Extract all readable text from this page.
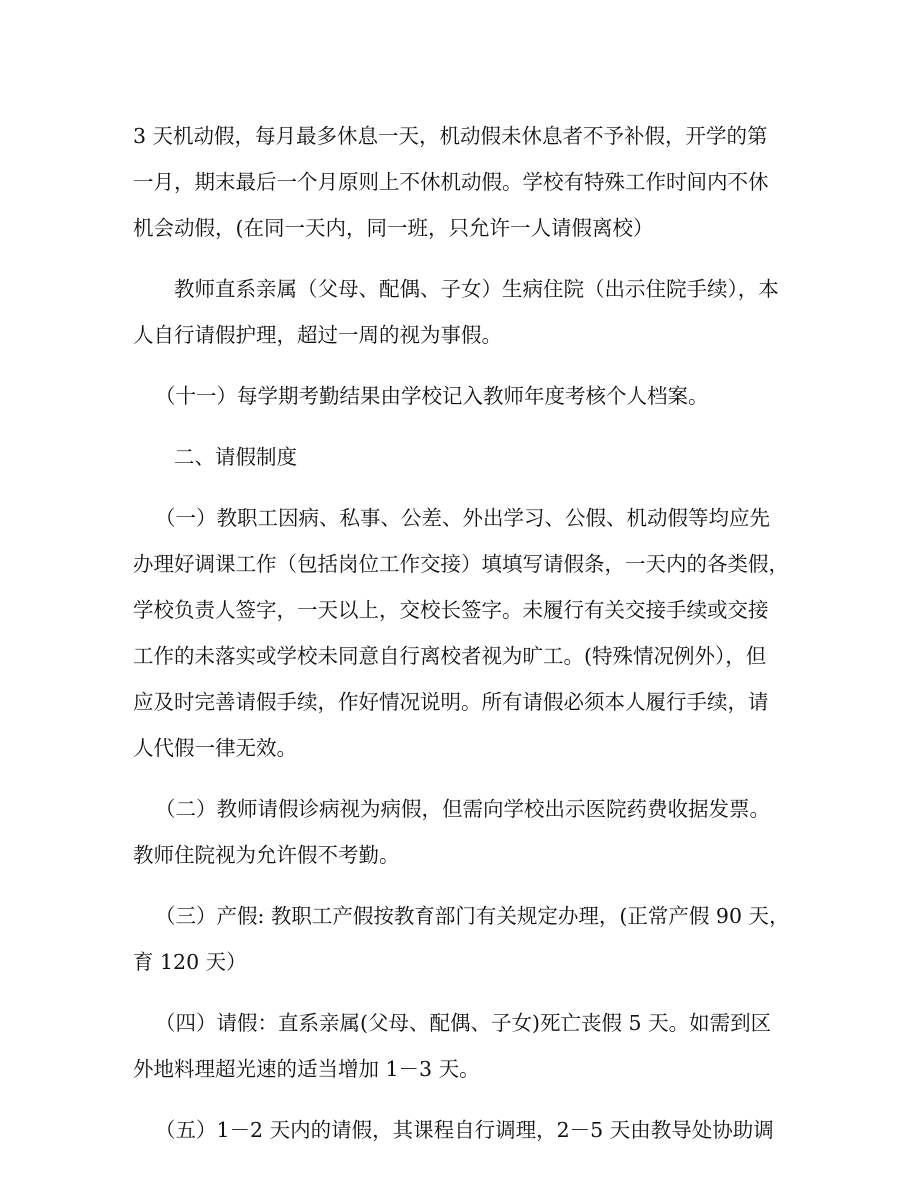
3 天机动假，每月最多休息一天，机动假未休息者不予补假，开学的第
一月，期末最后一个月原则上不休机动假。学校有特殊工作时间内不休
机会动假，(在同一天内，同一班，只允许一人请假离校）

教师直系亲属（父母、配偶、子女）生病住院（出示住院手续），本
人自行请假护理，超过一周的视为事假。

（十一）每学期考勤结果由学校记入教师年度考核个人档案。

二、请假制度

（一）教职工因病、私事、公差、外出学习、公假、机动假等均应先
办理好调课工作（包括岗位工作交接）填填写请假条，一天内的各类假，
学校负责人签字，一天以上，交校长签字。未履行有关交接手续或交接
工作的未落实或学校未同意自行离校者视为旷工。(特殊情况例外），但
应及时完善请假手续，作好情况说明。所有请假必须本人履行手续，请
人代假一律无效。

（二）教师请假诊病视为病假，但需向学校出示医院药费收据发票。
教师住院视为允许假不考勤。

（三）产假: 教职工产假按教育部门有关规定办理，(正常产假 90 天，
育 120 天）

（四）请假：直系亲属(父母、配偶、子女)死亡丧假 5 天。如需到区
外地料理超光速的适当增加 1－3 天。

（五）1－2 天内的请假，其课程自行调理，2－5 天由教导处协助调
